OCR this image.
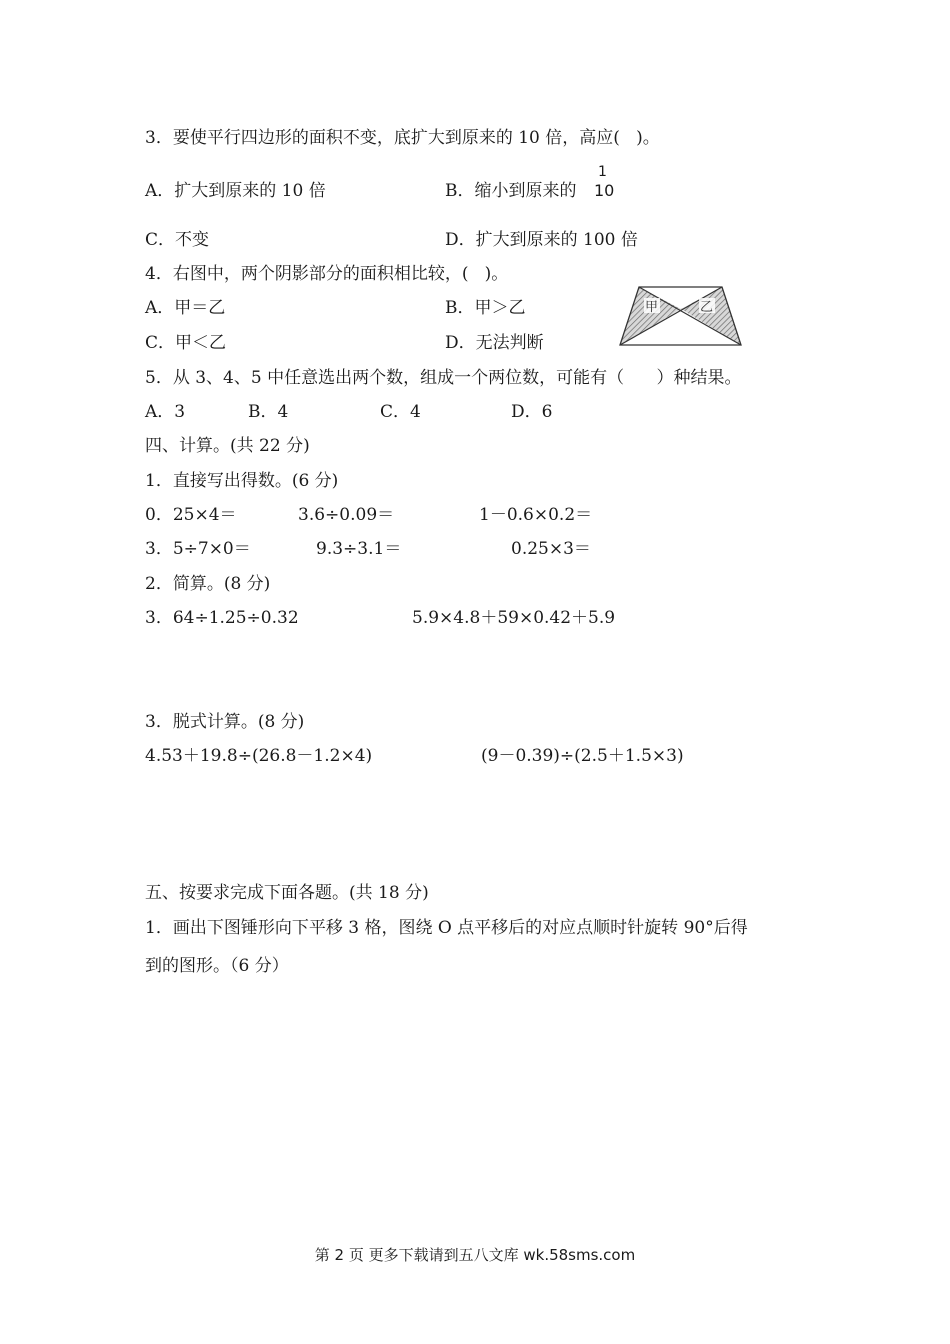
3．要使平行四边形的面积不变，底扩大到原来的 10 倍，高应(   )。
A．扩大到原来的 10 倍	B．缩小到原来的
1
10
C．不变	D．扩大到原来的 100 倍
4．右图中，两个阴影部分的面积相比较，(   )。
A．甲＝乙	B．甲＞乙
C．甲＜乙	D．无法判断
甲	乙
5．从 3、4、5 中任意选出两个数，组成一个两位数，可能有（      ）种结果。
A．3	B．4	C．4	D．6
四、计算。(共 22 分)
1．直接写出得数。(6 分)
0．25×4＝	3.6÷0.09＝	1－0.6×0.2＝
3．5÷7×0＝	9.3÷3.1＝	0.25×3＝
2．简算。(8 分)
3．64÷1.25÷0.32	5.9×4.8＋59×0.42＋5.9
3．脱式计算。(8 分)
4.53＋19.8÷(26.8－1.2×4)	(9－0.39)÷(2.5＋1.5×3)
五、按要求完成下面各题。(共 18 分)
1．画出下图锤形向下平移 3 格，图绕 O 点平移后的对应点顺时针旋转 90°后得
到的图形。（6 分）
第 2 页 更多下载请到五八文库 wk.58sms.com
